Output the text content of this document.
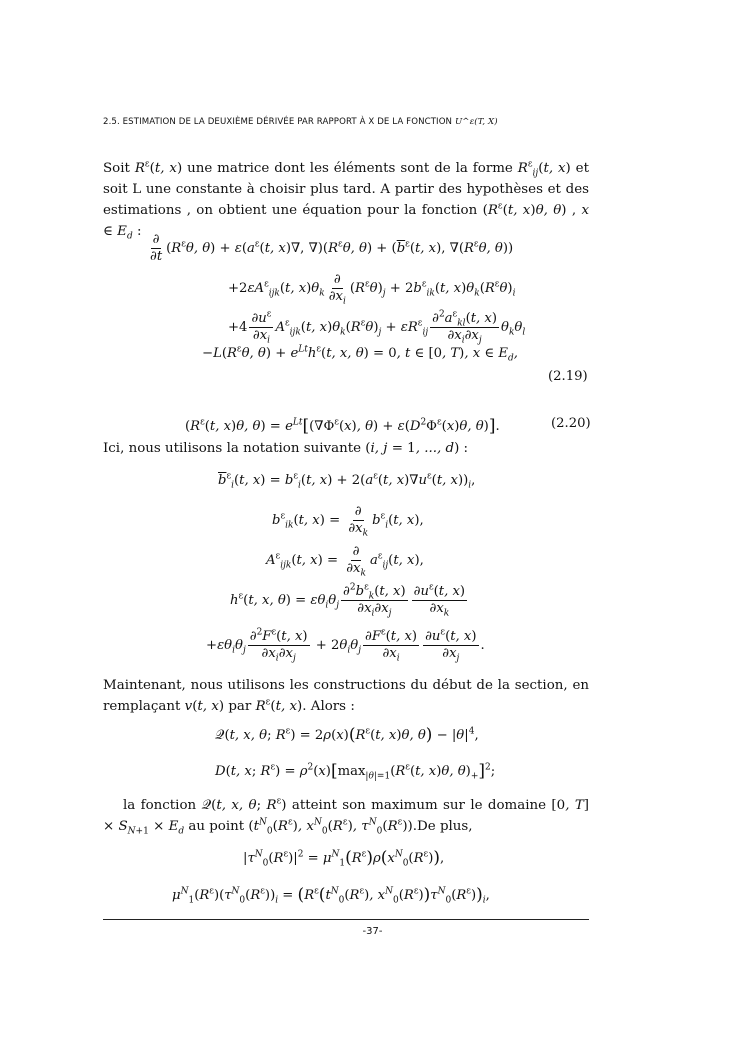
2.5. ESTIMATION DE LA DEUXIÈME DÉRIVÉE PAR RAPPORT À X DE LA FONCTION U^ε(T, X)
Soit $R^\varepsilon(t$, x) une matrice dont les éléments sont de la forme $R^\varepsilon_{ij}(t$, x) et soit L une constante à choisir plus tard. A partir des hypothèses et des estimations , on obtient une équation pour la fonction ($R^\varepsilon(t$, x)θ, θ) , x ∈ $E_d$ :
$\frac{\partial}{\partial t} (R^\varepsilon\theta$, $\theta) + \varepsilon(a^\varepsilon(t$, x)∇, $\nabla)(R^\varepsilon\theta$, $\theta) + (\overline{b}^\varepsilon(t$, x), $\nabla(R^\varepsilon\theta$, θ))
$+2\varepsilon A^\varepsilon_{ijk}(t$, $x)\theta_k \frac{\partial}{\partial x_i} (R^\varepsilon\theta)_j + 2b^\varepsilon_{ik}(t$, $x)\theta_k(R^\varepsilon\theta)_i$
$+4 \frac{\partial u^\varepsilon}{\partial x_i} A^\varepsilon_{ijk}(t$, $x)\theta_k(R^\varepsilon\theta)_j + \varepsilon R^\varepsilon_{ij} \frac{\partial^2a^\varepsilon_{kl}(t, x)}{\partial x_i\partial x_j} \theta_k\theta_l$
$-L(R^\varepsilon\theta$, $\theta) + e^{Lt}h^\varepsilon(t$, x, θ) = 0, t ∈ [0, T), x ∈ $E_d$,
(2.19)
($R^\varepsilon(t$, x)θ, $\theta) = e^{Lt}[(\nabla\Phi^\varepsilon(x)$, $\theta) + \varepsilon(D^2\Phi^\varepsilon(x)\theta$, θ)].	(2.20)
Ici, nous utilisons la notation suivante (i, j = 1, ..., d) :
$\overline{b}^\varepsilon_i(t$, $x) = b^\varepsilon_i(t$, $x) + 2(a^\varepsilon(t$, $x)\nabla u^\varepsilon(t$, $x))_i$,
$b^\varepsilon_{ik}(t$, $x) = \frac{\partial}{\partial x_k} b^\varepsilon_i(t$, x),
$A^\varepsilon_{ijk}(t$, $x) = \frac{\partial}{\partial x_k} a^\varepsilon_{ij}(t$, x),
$h^\varepsilon(t$, x, $\theta) = \varepsilon\theta_i\theta_j \frac{\partial^2b^\varepsilon_k(t, x)}{\partial x_i\partial x_j} \frac{\partial u^\varepsilon(t, x)}{\partial x_k}$
$+\varepsilon\theta_i\theta_j \frac{\partial^2F^\varepsilon(t, x)}{\partial x_i\partial x_j} + 2\theta_i\theta_j \frac{\partial F^\varepsilon(t, x)}{\partial x_i} \frac{\partial u^\varepsilon(t, x)}{\partial x_j}$ .
Maintenant, nous utilisons les constructions du début de la section, en remplaçant v(t, x) par $R^\varepsilon(t$, x). Alors :
𝒬(t, x, θ; $R^\varepsilon) = 2\rho(x)(R^\varepsilon(t$, x)θ, $\theta) - |\theta|^4$,
D(t, x; $R^\varepsilon) = \rho^2(x)[\max_{|\theta|=1}(R^\varepsilon(t$, x)θ, $\theta)_+]^2$;
la fonction 𝒬(t, x, θ; $R^\varepsilon$) atteint son maximum sur le domaine [0, $T] \times S_{N+1} \times E_d$ au point ($t^N_0(R^\varepsilon)$, $x^N_0(R^\varepsilon)$, $\tau^N_0(R^\varepsilon)).De$ plus,
$|\tau^N_0(R^\varepsilon)|^2 = \mu^N_1(R^\varepsilon)\rho(x^N_0(R^\varepsilon))$,
$\mu^N_1(R^\varepsilon)(\tau^N_0(R^\varepsilon))_i = (R^\varepsilon(t^N_0(R^\varepsilon)$, $x^N_0(R^\varepsilon))\tau^N_0(R^\varepsilon))_i$,
-37-
